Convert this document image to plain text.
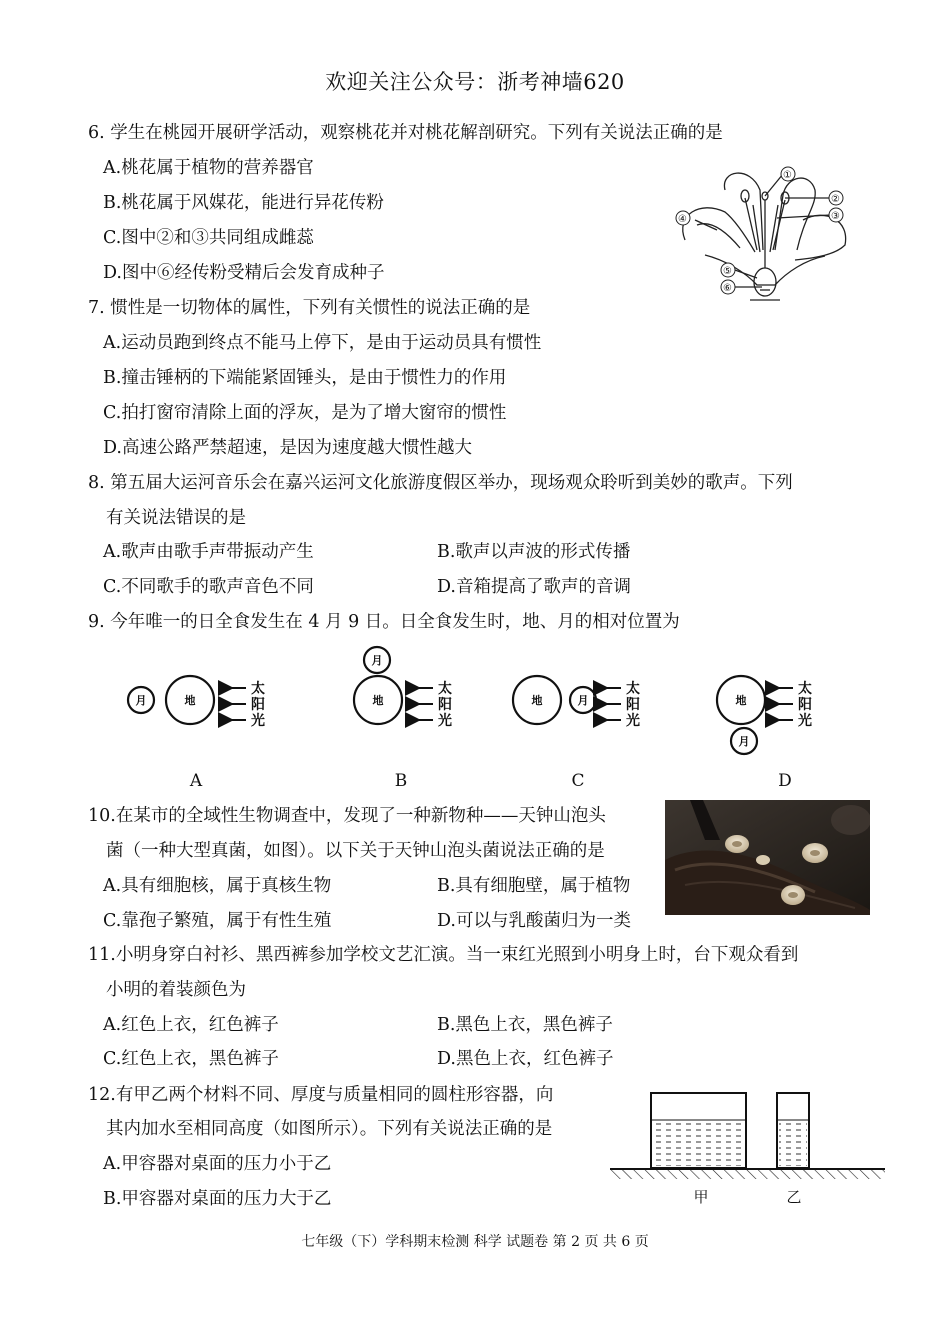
欢迎关注公众号：浙考神墙620
6. 学生在桃园开展研学活动，观察桃花并对桃花解剖研究。下列有关说法正确的是
A.桃花属于植物的营养器官
B.桃花属于风媒花，能进行异花传粉
C.图中②和③共同组成雌蕊
D.图中⑥经传粉受精后会发育成种子
①
②
③
④
⑤
⑥
7. 惯性是一切物体的属性，下列有关惯性的说法正确的是
A.运动员跑到终点不能马上停下，是由于运动员具有惯性
B.撞击锤柄的下端能紧固锤头，是由于惯性力的作用
C.拍打窗帘清除上面的浮灰，是为了增大窗帘的惯性
D.高速公路严禁超速，是因为速度越大惯性越大
8. 第五届大运河音乐会在嘉兴运河文化旅游度假区举办，现场观众聆听到美妙的歌声。下列
有关说法错误的是
A.歌声由歌手声带振动产生	B.歌声以声波的形式传播
C.不同歌手的歌声音色不同	D.音箱提高了歌声的音调
9. 今年唯一的日全食发生在 4 月 9 日。日全食发生时，地、月的相对位置为
月	地
月
地	地	月	地
月
太
阳
光
太
阳
光
太
阳
光
太
阳
光
A	B	C	D
10.在某市的全域性生物调查中，发现了一种新物种——天钟山泡头
菌（一种大型真菌，如图）。以下关于天钟山泡头菌说法正确的是
A.具有细胞核，属于真核生物	B.具有细胞壁，属于植物
C.靠孢子繁殖，属于有性生殖	D.可以与乳酸菌归为一类
11.小明身穿白衬衫、黑西裤参加学校文艺汇演。当一束红光照到小明身上时，台下观众看到
小明的着装颜色为
A.红色上衣，红色裤子	B.黑色上衣，黑色裤子
C.红色上衣，黑色裤子	D.黑色上衣，红色裤子
12.有甲乙两个材料不同、厚度与质量相同的圆柱形容器，向
其内加水至相同高度（如图所示）。下列有关说法正确的是
A.甲容器对桌面的压力小于乙
B.甲容器对桌面的压力大于乙	甲	乙
七年级（下）学科期末检测 科学 试题卷 第 2 页 共 6 页
